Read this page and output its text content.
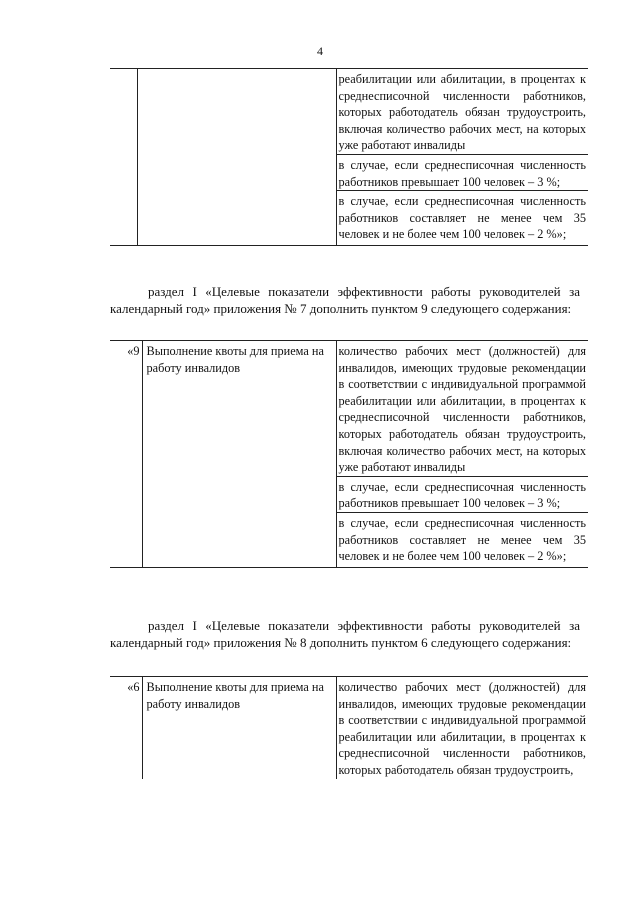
4
		реабилитации или абилитации, в процентах к среднесписочной численности работников, которых работодатель обязан трудоустроить, включая количество рабочих мест, на которых уже работают инвалиды
		в случае, если среднесписочная численность работников превышает 100 человек – 3 %;
		в случае, если среднесписочная численность работников составляет не менее чем 35 человек и не более чем 100 человек – 2 %»;
раздел I «Целевые показатели эффективности работы руководителей за календарный год» приложения № 7 дополнить пунктом 9 следующего содержания:
«9	Выполнение квоты для приема на работу инвалидов	количество рабочих мест (должностей) для инвалидов, имеющих трудовые рекомендации в соответствии с индивидуальной программой реабилитации или абилитации, в процентах к среднесписочной численности работников, которых работодатель обязан трудоустроить, включая количество рабочих мест, на которых уже работают инвалиды
в случае, если среднесписочная численность работников превышает 100 человек – 3 %;
в случае, если среднесписочная численность работников составляет не менее чем 35 человек и не более чем 100 человек – 2 %»;
раздел I «Целевые показатели эффективности работы руководителей за календарный год» приложения № 8 дополнить пунктом 6 следующего содержания:
«6	Выполнение квоты для приема на работу инвалидов	количество рабочих мест (должностей) для инвалидов, имеющих трудовые рекомендации в соответствии с индивидуальной программой реабилитации или абилитации, в процентах к среднесписочной численности работников, которых работодатель обязан трудоустроить,
